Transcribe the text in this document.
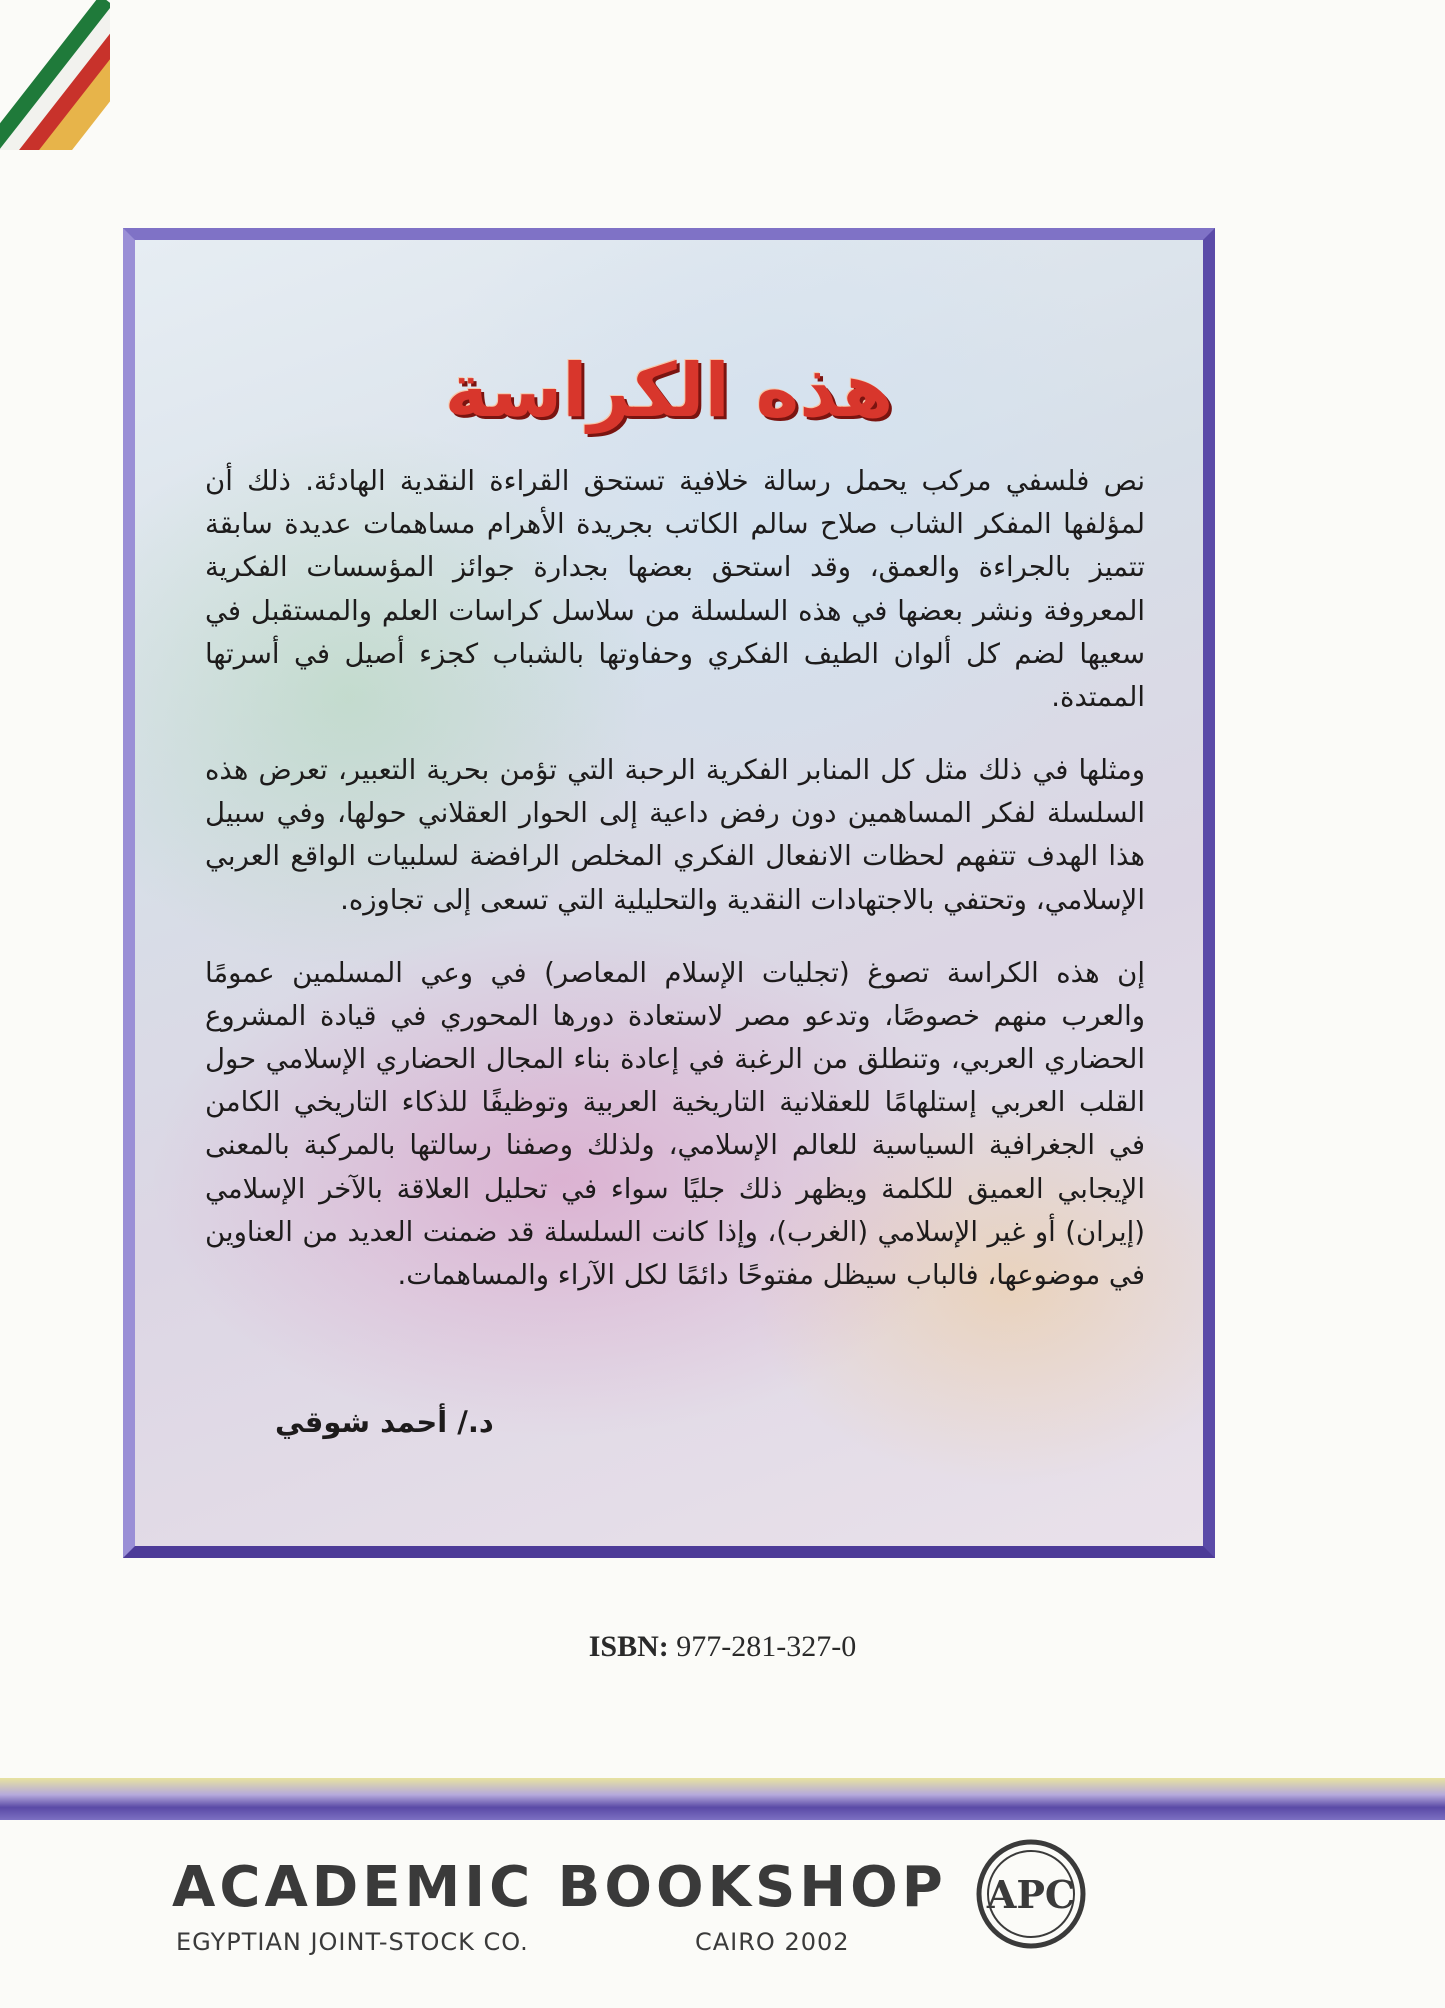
هذه الكراسة

نص فلسفي مركب يحمل رسالة خلافية تستحق القراءة النقدية الهادئة. ذلك أن لمؤلفها المفكر الشاب صلاح سالم الكاتب بجريدة الأهرام مساهمات عديدة سابقة تتميز بالجراءة والعمق، وقد استحق بعضها بجدارة جوائز المؤسسات الفكرية المعروفة ونشر بعضها في هذه السلسلة من سلاسل كراسات العلم والمستقبل في سعيها لضم كل ألوان الطيف الفكري وحفاوتها بالشباب كجزء أصيل في أسرتها الممتدة.

ومثلها في ذلك مثل كل المنابر الفكرية الرحبة التي تؤمن بحرية التعبير، تعرض هذه السلسلة لفكر المساهمين دون رفض داعية إلى الحوار العقلاني حولها، وفي سبيل هذا الهدف تتفهم لحظات الانفعال الفكري المخلص الرافضة لسلبيات الواقع العربي الإسلامي، وتحتفي بالاجتهادات النقدية والتحليلية التي تسعى إلى تجاوزه.

إن هذه الكراسة تصوغ (تجليات الإسلام المعاصر) في وعي المسلمين عمومًا والعرب منهم خصوصًا، وتدعو مصر لاستعادة دورها المحوري في قيادة المشروع الحضاري العربي، وتنطلق من الرغبة في إعادة بناء المجال الحضاري الإسلامي حول القلب العربي إستلهامًا للعقلانية التاريخية العربية وتوظيفًا للذكاء التاريخي الكامن في الجغرافية السياسية للعالم الإسلامي، ولذلك وصفنا رسالتها بالمركبة بالمعنى الإيجابي العميق للكلمة ويظهر ذلك جليًا سواء في تحليل العلاقة بالآخر الإسلامي (إيران) أو غير الإسلامي (الغرب)، وإذا كانت السلسلة قد ضمنت العديد من العناوين في موضوعها، فالباب سيظل مفتوحًا دائمًا لكل الآراء والمساهمات.

د./ أحمد شوقي
ISBN: 977-281-327-0
ACADEMIC BOOKSHOP
EGYPTIAN JOINT-STOCK CO.	CAIRO 2002
APC
